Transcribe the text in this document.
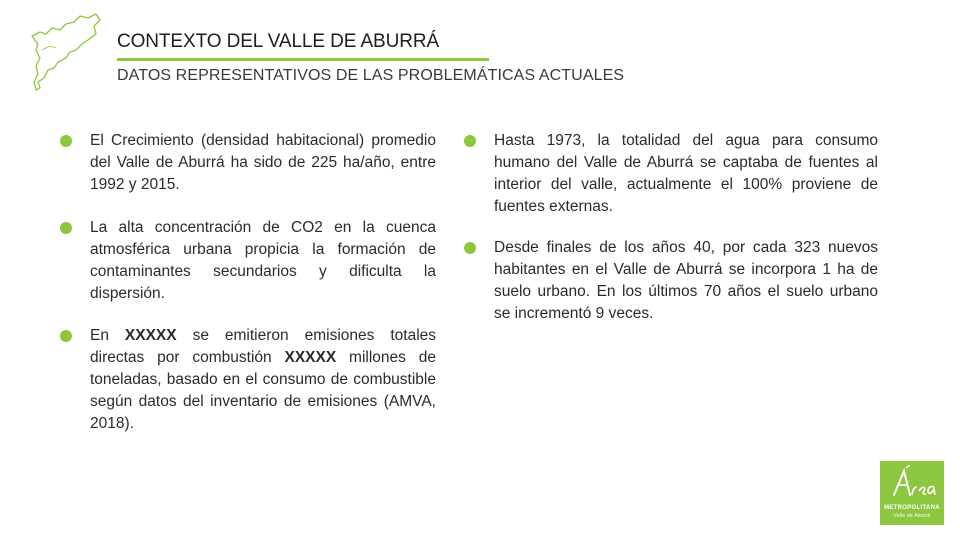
CONTEXTO DEL VALLE DE ABURRÁ
DATOS REPRESENTATIVOS DE LAS PROBLEMÁTICAS ACTUALES
El Crecimiento (densidad habitacional) promedio del Valle de Aburrá ha sido de 225 ha/año, entre 1992 y 2015.
La alta concentración de CO2 en la cuenca atmosférica urbana propicia la formación de contaminantes secundarios y dificulta la dispersión.
En XXXXX se emitieron emisiones totales directas por combustión XXXXX millones de toneladas, basado en el consumo de combustible según datos del inventario de emisiones (AMVA, 2018).
Hasta 1973, la totalidad del agua para consumo humano del Valle de Aburrá se captaba de fuentes al interior del valle, actualmente el 100% proviene de fuentes externas.
Desde finales de los años 40, por cada 323 nuevos habitantes en el Valle de Aburrá se incorpora 1 ha de suelo urbano. En los últimos 70 años el suelo urbano se incrementó 9 veces.
METROPOLITANA
Valle de Aburrá
